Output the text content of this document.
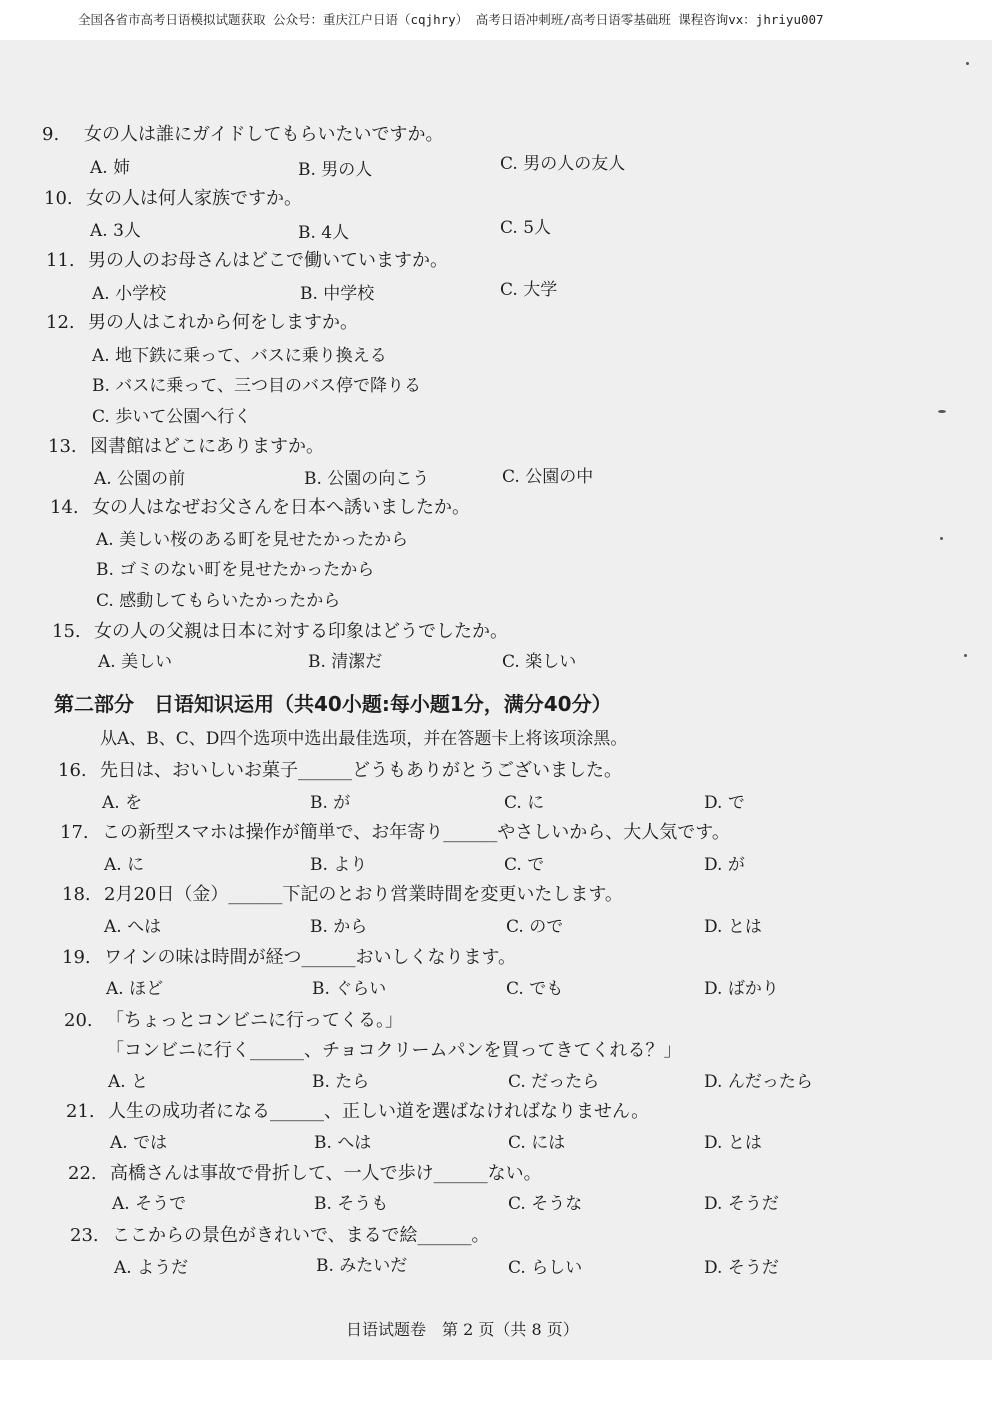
全国各省市高考日语模拟试题获取 公众号：重庆江户日语（cqjhry） 高考日语冲刺班/高考日语零基础班 课程咨询vx：jhriyu007
9. 女の人は誰にガイドしてもらいたいですか。
A. 姉	B. 男の人	C. 男の人の友人
10. 女の人は何人家族ですか。
A. 3人	B. 4人	C. 5人
11. 男の人のお母さんはどこで働いていますか。
A. 小学校	B. 中学校	C. 大学
12. 男の人はこれから何をしますか。
A. 地下鉄に乗って、バスに乗り換える
B. バスに乗って、三つ目のバス停で降りる
C. 歩いて公園へ行く
13. 図書館はどこにありますか。
A. 公園の前	B. 公園の向こう	C. 公園の中
14. 女の人はなぜお父さんを日本へ誘いましたか。
A. 美しい桜のある町を見せたかったから
B. ゴミのない町を見せたかったから
C. 感動してもらいたかったから
15. 女の人の父親は日本に対する印象はどうでしたか。
A. 美しい	B. 清潔だ	C. 楽しい
第二部分　日语知识运用（共40小题:每小题1分，满分40分）
从A、B、C、D四个选项中选出最佳选项，并在答题卡上将该项涂黑。
16. 先日は、おいしいお菓子______どうもありがとうございました。
A. を	B. が	C. に	D. で
17. この新型スマホは操作が簡単で、お年寄り______やさしいから、大人気です。
A. に	B. より	C. で	D. が
18. 2月20日（金）______下記のとおり営業時間を変更いたします。
A. へは	B. から	C. ので	D. とは
19. ワインの味は時間が経つ______おいしくなります。
A. ほど	B. ぐらい	C. でも	D. ばかり
20. 「ちょっとコンビニに行ってくる。」
「コンビニに行く______、チョコクリームパンを買ってきてくれる？」
A. と	B. たら	C. だったら	D. んだったら
21. 人生の成功者になる______、正しい道を選ばなければなりません。
A. では	B. へは	C. には	D. とは
22. 高橋さんは事故で骨折して、一人で歩け______ない。
A. そうで	B. そうも	C. そうな	D. そうだ
23. ここからの景色がきれいで、まるで絵______。
A. ようだ	B. みたいだ	C. らしい	D. そうだ
日语试题卷　第 2 页（共 8 页）
